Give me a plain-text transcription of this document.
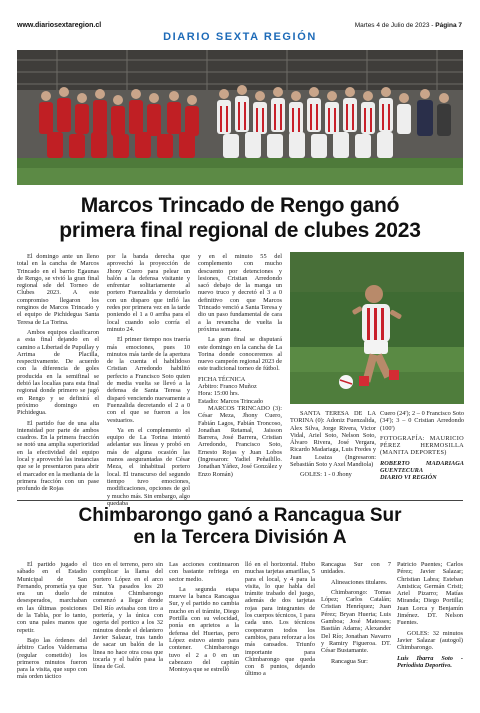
www.diariosextaregion.cl
DIARIO SEXTA REGIÓN
Martes 4 de Julio de 2023 - Página 7
Marcos Trincado de Rengo ganó
primera final regional de clubes 2023

El domingo ante un lleno total en la cancha de Marcos Trincado en el barrio Egaunas de Rengo, se vivió la gran final regional sde del Torneo de Clubes 2023. A este compromiso llegaron los renginos de Marcos Trincado y el equipo de Pichidegua Santa Teresa de La Torina.

Ambos equipos clasificaron a esta final dejando en el camino a Libertad de Pupullay y Arrima de Placilla, respectivamente. De acuerdo con la diferencia de goles producida en la semifinal se debió las localías para esta final regional donde primero se jugó en Rengo y se definirá el próximo domingo en Pichidegua.

El partido fue de una alta intensidad por parte de ambos cuadros. En la primera fracción se notó una amplia superioridad en la efectividad del equipo local y aprovechó las instancias que se le presentaron para abrir el marcador en la mediania de la primera fracción con un pase profundo de Rojas

por la banda derecha que aprovechó la proyección de Jhony Cuero para pelear un balón a la defensa visitante y enfrentar solitariamente al portero Fuenzalida y derrotarlo con un disparo que infló las redes por primera vez en la tarde poniendo el 1 a 0 arriba para el local cuando solo corría el minuto 24.

El primer tiempo nos traería más emociones, pues 10 minutos más tarde de la apertura de la cuenta el habilidoso Cristian Arredondo habilitó perfecto a Francisco Soto quien de media vuelta se llevó a la defensa de Santa Teresa y disparó venciendo nuevamente a Fuenzalida decretando el 2 a 0 con el que se fueron a los vestuarios.

Ya en el complemento el equipo de La Torina intentó adelantar sus líneas y probó en más de alguna ocasión las manos asegurantadas de César Meza, el inhabitual portero local. El transcurso del segundo tiempo tuvo emociones, modificaciones, opciones de gol y mucho más. Sin embargo, algo quedaba

y en el minuto 55 del complemento con mucho descuento por detenciones y lesiones, Cristian Arredondo sacó debajo de la manga un nuevo truco y decretó el 3 a 0 definitivo con que Marcos Trincado venció a Santa Teresa y dio un paso fundamental de cara a la revancha de vuelta la próxima semana.

La gran final se disputará este domingo en la cancha de La Torina donde conoceremos al nuevo campeón regional 2023 de este tradicional torneo de fútbol.

FICHA TÉCNICA

Arbitro: Franco Muñoz

Hora: 15:00 hrs.

Estadio: Marcos Trincado

MARCOS TRINCADO (3): César Meza, Jhony Cuero, Fabián Lagos, Fabián Troncoso, Jonathan Retamal, Jaisson Barrera, José Barrera, Cristian Arredondo, Francisco Soto, Ernesto Rojas y Juan Lobos (Ingresaron: Yadiel Peñailillo. Jonathan Yáñez, José González y Enzo Román)

SANTA TERESA DE LA TORINA (0): Adoniz Fuenzalida, Alex Silva, Jorge Rivera, Victor Vidal, Ariel Soto, Nelson Soto, Álvaro Rivera, José Vergara, Ricardo Madariaga, Luis Fredes y Juan Loaiza (Ingresaron: Sebastián Soto y Axel Mandiola)

GOLES: 1 - 0 Jhony

Cuero (24'); 2 – 0 Francisco Soto (34'); 3 – 0 Cristian Arredondo (100')

FOTOGRAFÍA: MAURICIO PÉREZ HERMOSILLA (MANITA DEPORTES)

ROBERTO MADARIAGA GUENTECURA

DIARIO VI REGIÓN

Chimbarongo ganó a Rancagua Sur
en la Tercera División A

El partido jugado el sábado en el Estadio Municipal de San Fernando, prometía ya que era un duelo de desesperados, marchaban en las últimas posiciones de la Tabla, por lo tanto, con una pales manos que repetir.

Bajo las órdenes del árbitro Carlos Valderrama (regular cometido) los primeros minutos fueron para la visita, que supo con más orden táctico

tico en el terreno, pero sin complicar la llama del portero López en el arco Sur. Ya pasados los 20 minutos Chimbarongo comenzó a llegar donde Del Río avisaba con tiro a portería, y la única con ogerta del portico a los 32 minutos donde el delantero Javier Salazar, tras tando de sacar un balón de la linea no hace otra cosa que tocarla y el balón pasa la línea de Gol.

Las acciones continuaron con bastante refriega en sector medio.

La segunda etapa mueve la banca Rancagua Sur, y el partido no cambia mucho en el trámite, Diego Portilla con su velocidad, ponía en aprietos a la defensa del Huertas, pero López estuvo atento para contener. Chimbarongo tuvo el 2 a 0 en un cabezazo del capitán Montoya que se estrelló

lló en el horizontal. Hubo muchas tarjetas amarillas, 5 para el local, y 4 para la visita, lo que habla del trámite trabado del juego, además de dos tarjetas rojas para integrantes de los cuerpos técnicos, 1 para cada uno. Los técnicos cooperaron todos los cambios, para reforzar a los más cansados. Triunfo importante para Chimbarongo que queda con 8 puntos, dejando último a

Rancagua Sur con 7 unidades.

Alineaciones titulares.

Chimbarongo: Tomas López; Carlos Catalán; Cristian Henríquez; Juan Pérez; Bryan Huerta; Luis Gamboa; José Matesses; Bastián Adams; Alexander Del Río; Jonathan Navarro y Ramiry Figueroa. DT. César Bustamante.

Rancagua Sur:

Patricio Puentes; Carlos Pérez; Javier Salazar; Christian Labra; Esteban Amistica; Germán Cristi; Ariel Pizarro; Matías Miranda; Diego Portilla; Juan Lorca y Benjamín Jiménez. DT. Nelson Fuentes.

GOLES: 32 minutos Javier Salazar (autogol) Chimbarongo.

Luis Ibarra Soto - Periodista Deportivo.
